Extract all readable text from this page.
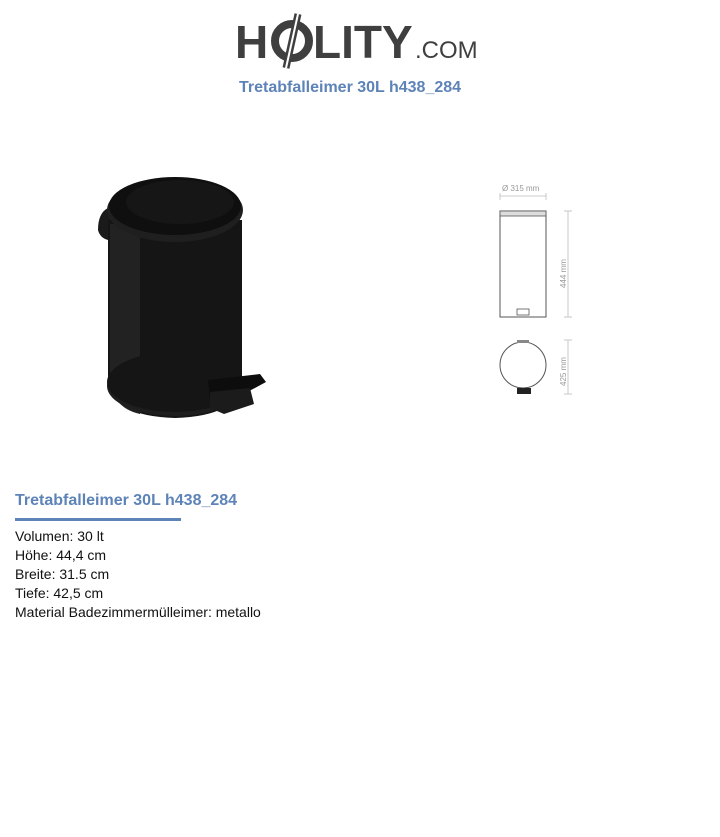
H LITY .COM
Tretabfalleimer 30L h438_284
Ø 315 mm
444 mm
425 mm
Tretabfalleimer 30L h438_284
Volumen: 30 lt
Höhe: 44,4 cm
Breite: 31.5 cm
Tiefe: 42,5 cm
Material Badezimmermülleimer: metallo
